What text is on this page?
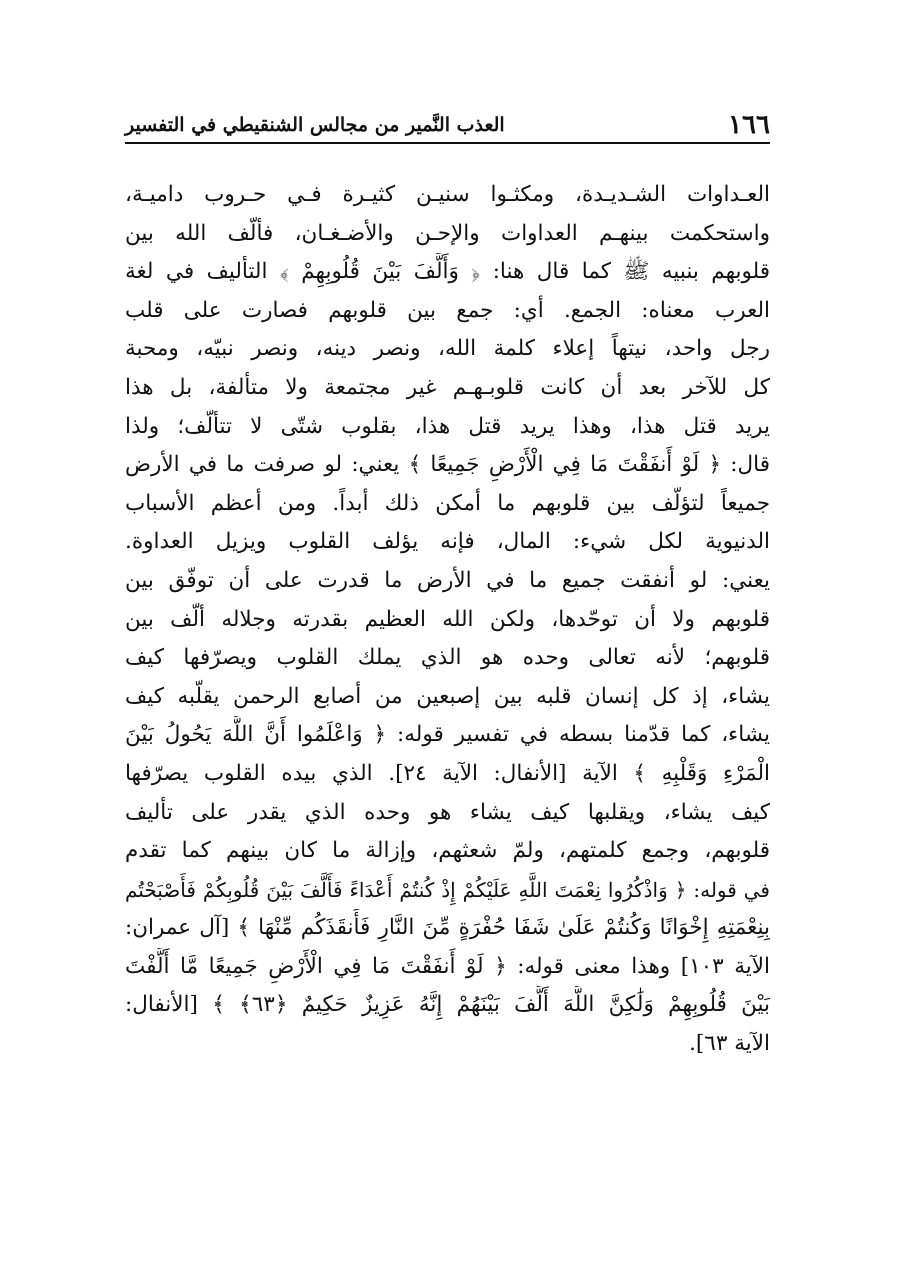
١٦٦
العذب النَّمير من مجالس الشنقيطي في التفسير
العـداوات الشـديـدة، ومكثـوا سنيـن كثيـرة فـي حـروب داميـة،
واستحكمت بينهـم العداوات والإحـن والأضـغـان، فألّف الله بين
قلوبهم بنبيه ﷺ كما قال هنا: ﴿ وَأَلَّفَ بَيْنَ قُلُوبِهِمْ ﴾ التأليف في لغة
العرب معناه: الجمع. أي: جمع بين قلوبهم فصارت على قلب
رجل واحد، نيتهاً إعلاء كلمة الله، ونصر دينه، ونصر نبيّه، ومحبة
كل للآخر بعد أن كانت قلوبـهـم غير مجتمعة ولا متألفة، بل هذا
يريد قتل هذا، وهذا يريد قتل هذا، بقلوب شتّى لا تتألّف؛ ولذا
قال: ﴿ لَوْ أَنفَقْتَ مَا فِي الْأَرْضِ جَمِيعًا ﴾ يعني: لو صرفت ما في الأرض
جميعاً لتؤلّف بين قلوبهم ما أمكن ذلك أبداً. ومن أعظم الأسباب
الدنيوية لكل شيء: المال، فإنه يؤلف القلوب ويزيل العداوة.
يعني: لو أنفقت جميع ما في الأرض ما قدرت على أن توفّق بين
قلوبهم ولا أن توحّدها، ولكن الله العظيم بقدرته وجلاله ألّف بين
قلوبهم؛ لأنه تعالى وحده هو الذي يملك القلوب ويصرّفها كيف
يشاء، إذ كل إنسان قلبه بين إصبعين من أصابع الرحمن يقلّبه كيف
يشاء، كما قدّمنا بسطه في تفسير قوله: ﴿ وَاعْلَمُوا أَنَّ اللَّهَ يَحُولُ بَيْنَ
الْمَرْءِ وَقَلْبِهِ ﴾ الآية [الأنفال: الآية ٢٤]. الذي بيده القلوب يصرّفها
كيف يشاء، ويقلبها كيف يشاء هو وحده الذي يقدر على تأليف
قلوبهم، وجمع كلمتهم، ولمّ شعثهم، وإزالة ما كان بينهم كما تقدم
في قوله: ﴿ وَاذْكُرُوا نِعْمَتَ اللَّهِ عَلَيْكُمْ إِذْ كُنتُمْ أَعْدَاءً فَأَلَّفَ بَيْنَ قُلُوبِكُمْ فَأَصْبَحْتُم
بِنِعْمَتِهِ إِخْوَانًا وَكُنتُمْ عَلَىٰ شَفَا حُفْرَةٍ مِّنَ النَّارِ فَأَنقَذَكُم مِّنْهَا ﴾ [آل عمران:
الآية ١٠٣] وهذا معنى قوله: ﴿ لَوْ أَنفَقْتَ مَا فِي الْأَرْضِ جَمِيعًا مَّا أَلَّفْتَ
بَيْنَ قُلُوبِهِمْ وَلَٰكِنَّ اللَّهَ أَلَّفَ بَيْنَهُمْ إِنَّهُ عَزِيزٌ حَكِيمٌ ﴿٦٣﴾ ﴾ [الأنفال:
الآية ٦٣].
